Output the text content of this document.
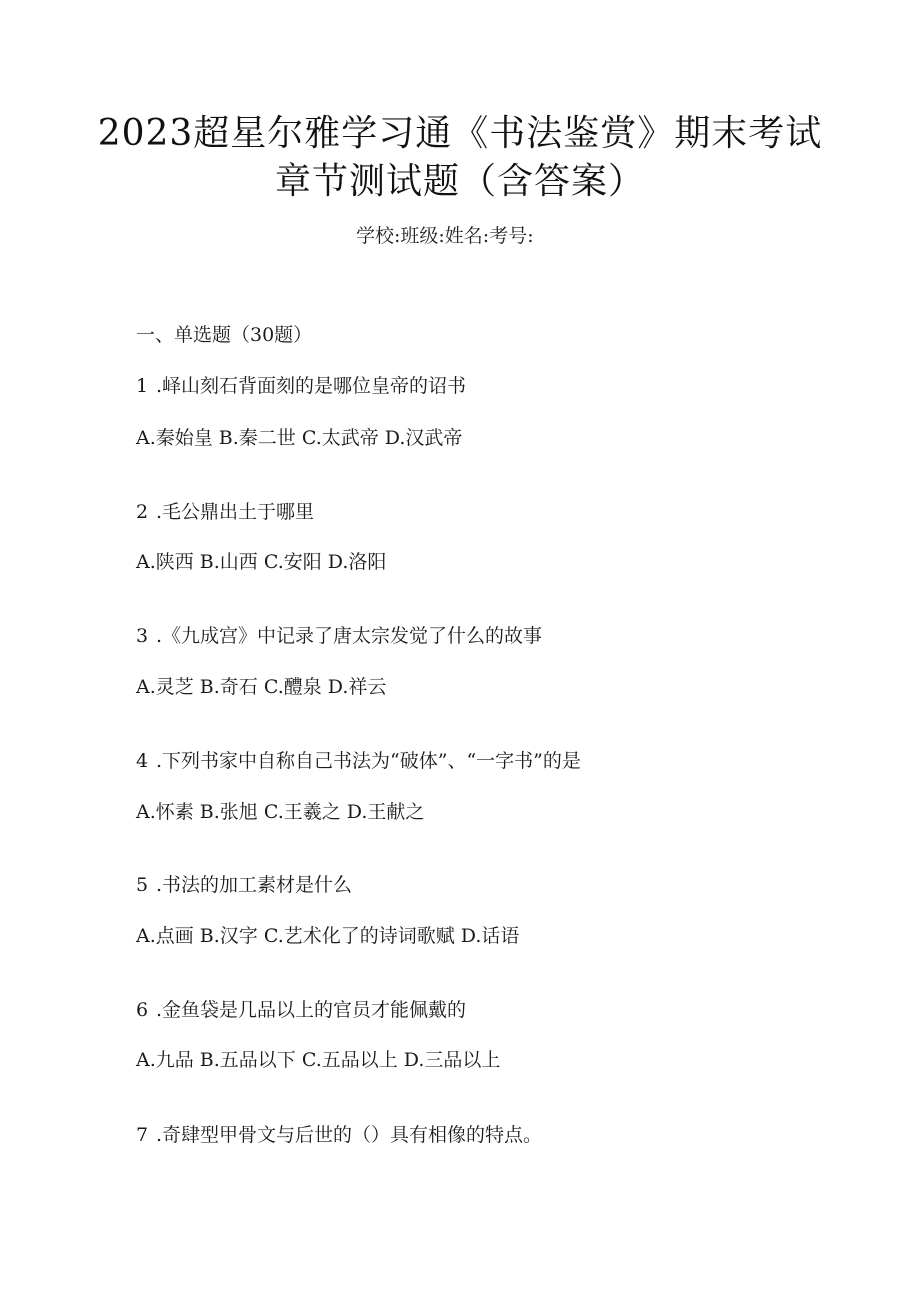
2023超星尔雅学习通《书法鉴赏》期末考试
章节测试题（含答案）
学校:班级:姓名:考号:
一、单选题（30题）
1 .峄山刻石背面刻的是哪位皇帝的诏书
A.秦始皇 B.秦二世 C.太武帝 D.汉武帝
2 .毛公鼎出土于哪里
A.陕西 B.山西 C.安阳 D.洛阳
3 .《九成宫》中记录了唐太宗发觉了什么的故事
A.灵芝 B.奇石 C.醴泉 D.祥云
4 .下列书家中自称自己书法为“破体”、“一字书”的是
A.怀素 B.张旭 C.王羲之 D.王献之
5 .书法的加工素材是什么
A.点画 B.汉字 C.艺术化了的诗词歌赋 D.话语
6 .金鱼袋是几品以上的官员才能佩戴的
A.九品 B.五品以下 C.五品以上 D.三品以上
7 .奇肆型甲骨文与后世的（）具有相像的特点。
